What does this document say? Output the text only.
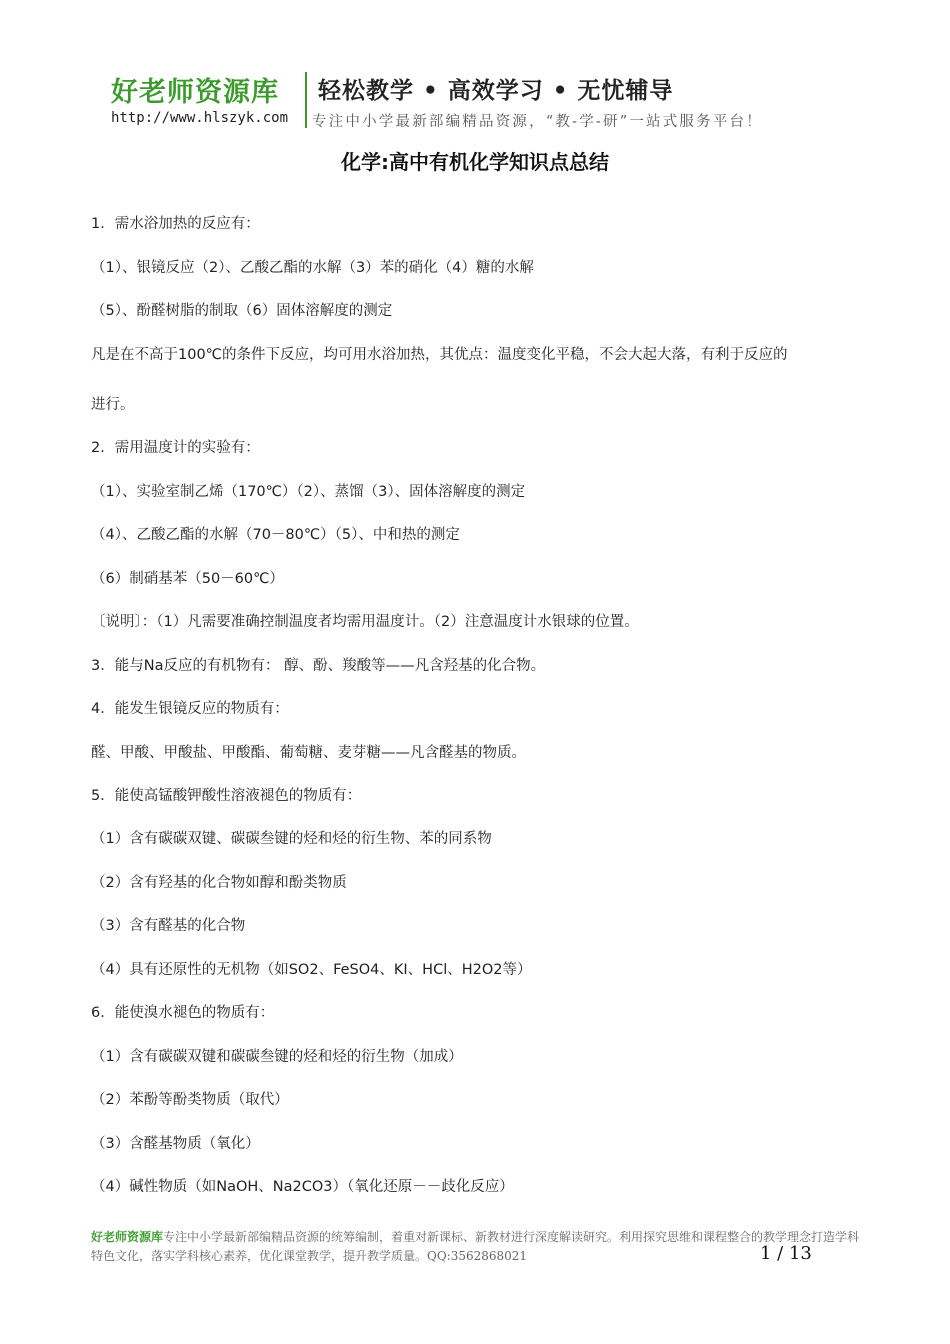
好老师资源库
http://www.hlszyk.com
轻松教学 • 高效学习 • 无忧辅导
专注中小学最新部编精品资源，“教-学-研”一站式服务平台！
化学:高中有机化学知识点总结
1．需水浴加热的反应有：
（1）、银镜反应（2）、乙酸乙酯的水解（3）苯的硝化（4）糖的水解
（5）、酚醛树脂的制取（6）固体溶解度的测定
凡是在不高于100℃的条件下反应，均可用水浴加热，其优点：温度变化平稳，不会大起大落，有利于反应的
进行。
2．需用温度计的实验有：
（1）、实验室制乙烯（170℃）（2）、蒸馏（3）、固体溶解度的测定
（4）、乙酸乙酯的水解（70－80℃）（5）、中和热的测定
（6）制硝基苯（50－60℃）
〔说明〕：（1）凡需要准确控制温度者均需用温度计。（2）注意温度计水银球的位置。
3．能与Na反应的有机物有： 醇、酚、羧酸等——凡含羟基的化合物。
4．能发生银镜反应的物质有：
醛、甲酸、甲酸盐、甲酸酯、葡萄糖、麦芽糖——凡含醛基的物质。
5．能使高锰酸钾酸性溶液褪色的物质有：
（1）含有碳碳双键、碳碳叁键的烃和烃的衍生物、苯的同系物
（2）含有羟基的化合物如醇和酚类物质
（3）含有醛基的化合物
（4）具有还原性的无机物（如SO2、FeSO4、KI、HCl、H2O2等）
6．能使溴水褪色的物质有：
（1）含有碳碳双键和碳碳叁键的烃和烃的衍生物（加成）
（2）苯酚等酚类物质（取代）
（3）含醛基物质（氧化）
（4）碱性物质（如NaOH、Na2CO3）（氧化还原－－歧化反应）
好老师资源库专注中小学最新部编精品资源的统筹编制，着重对新课标、新教材进行深度解读研究。利用探究思维和课程整合的教学理念打造学科特色文化，落实学科核心素养，优化课堂教学，提升教学质量。QQ:3562868021	1 / 13
